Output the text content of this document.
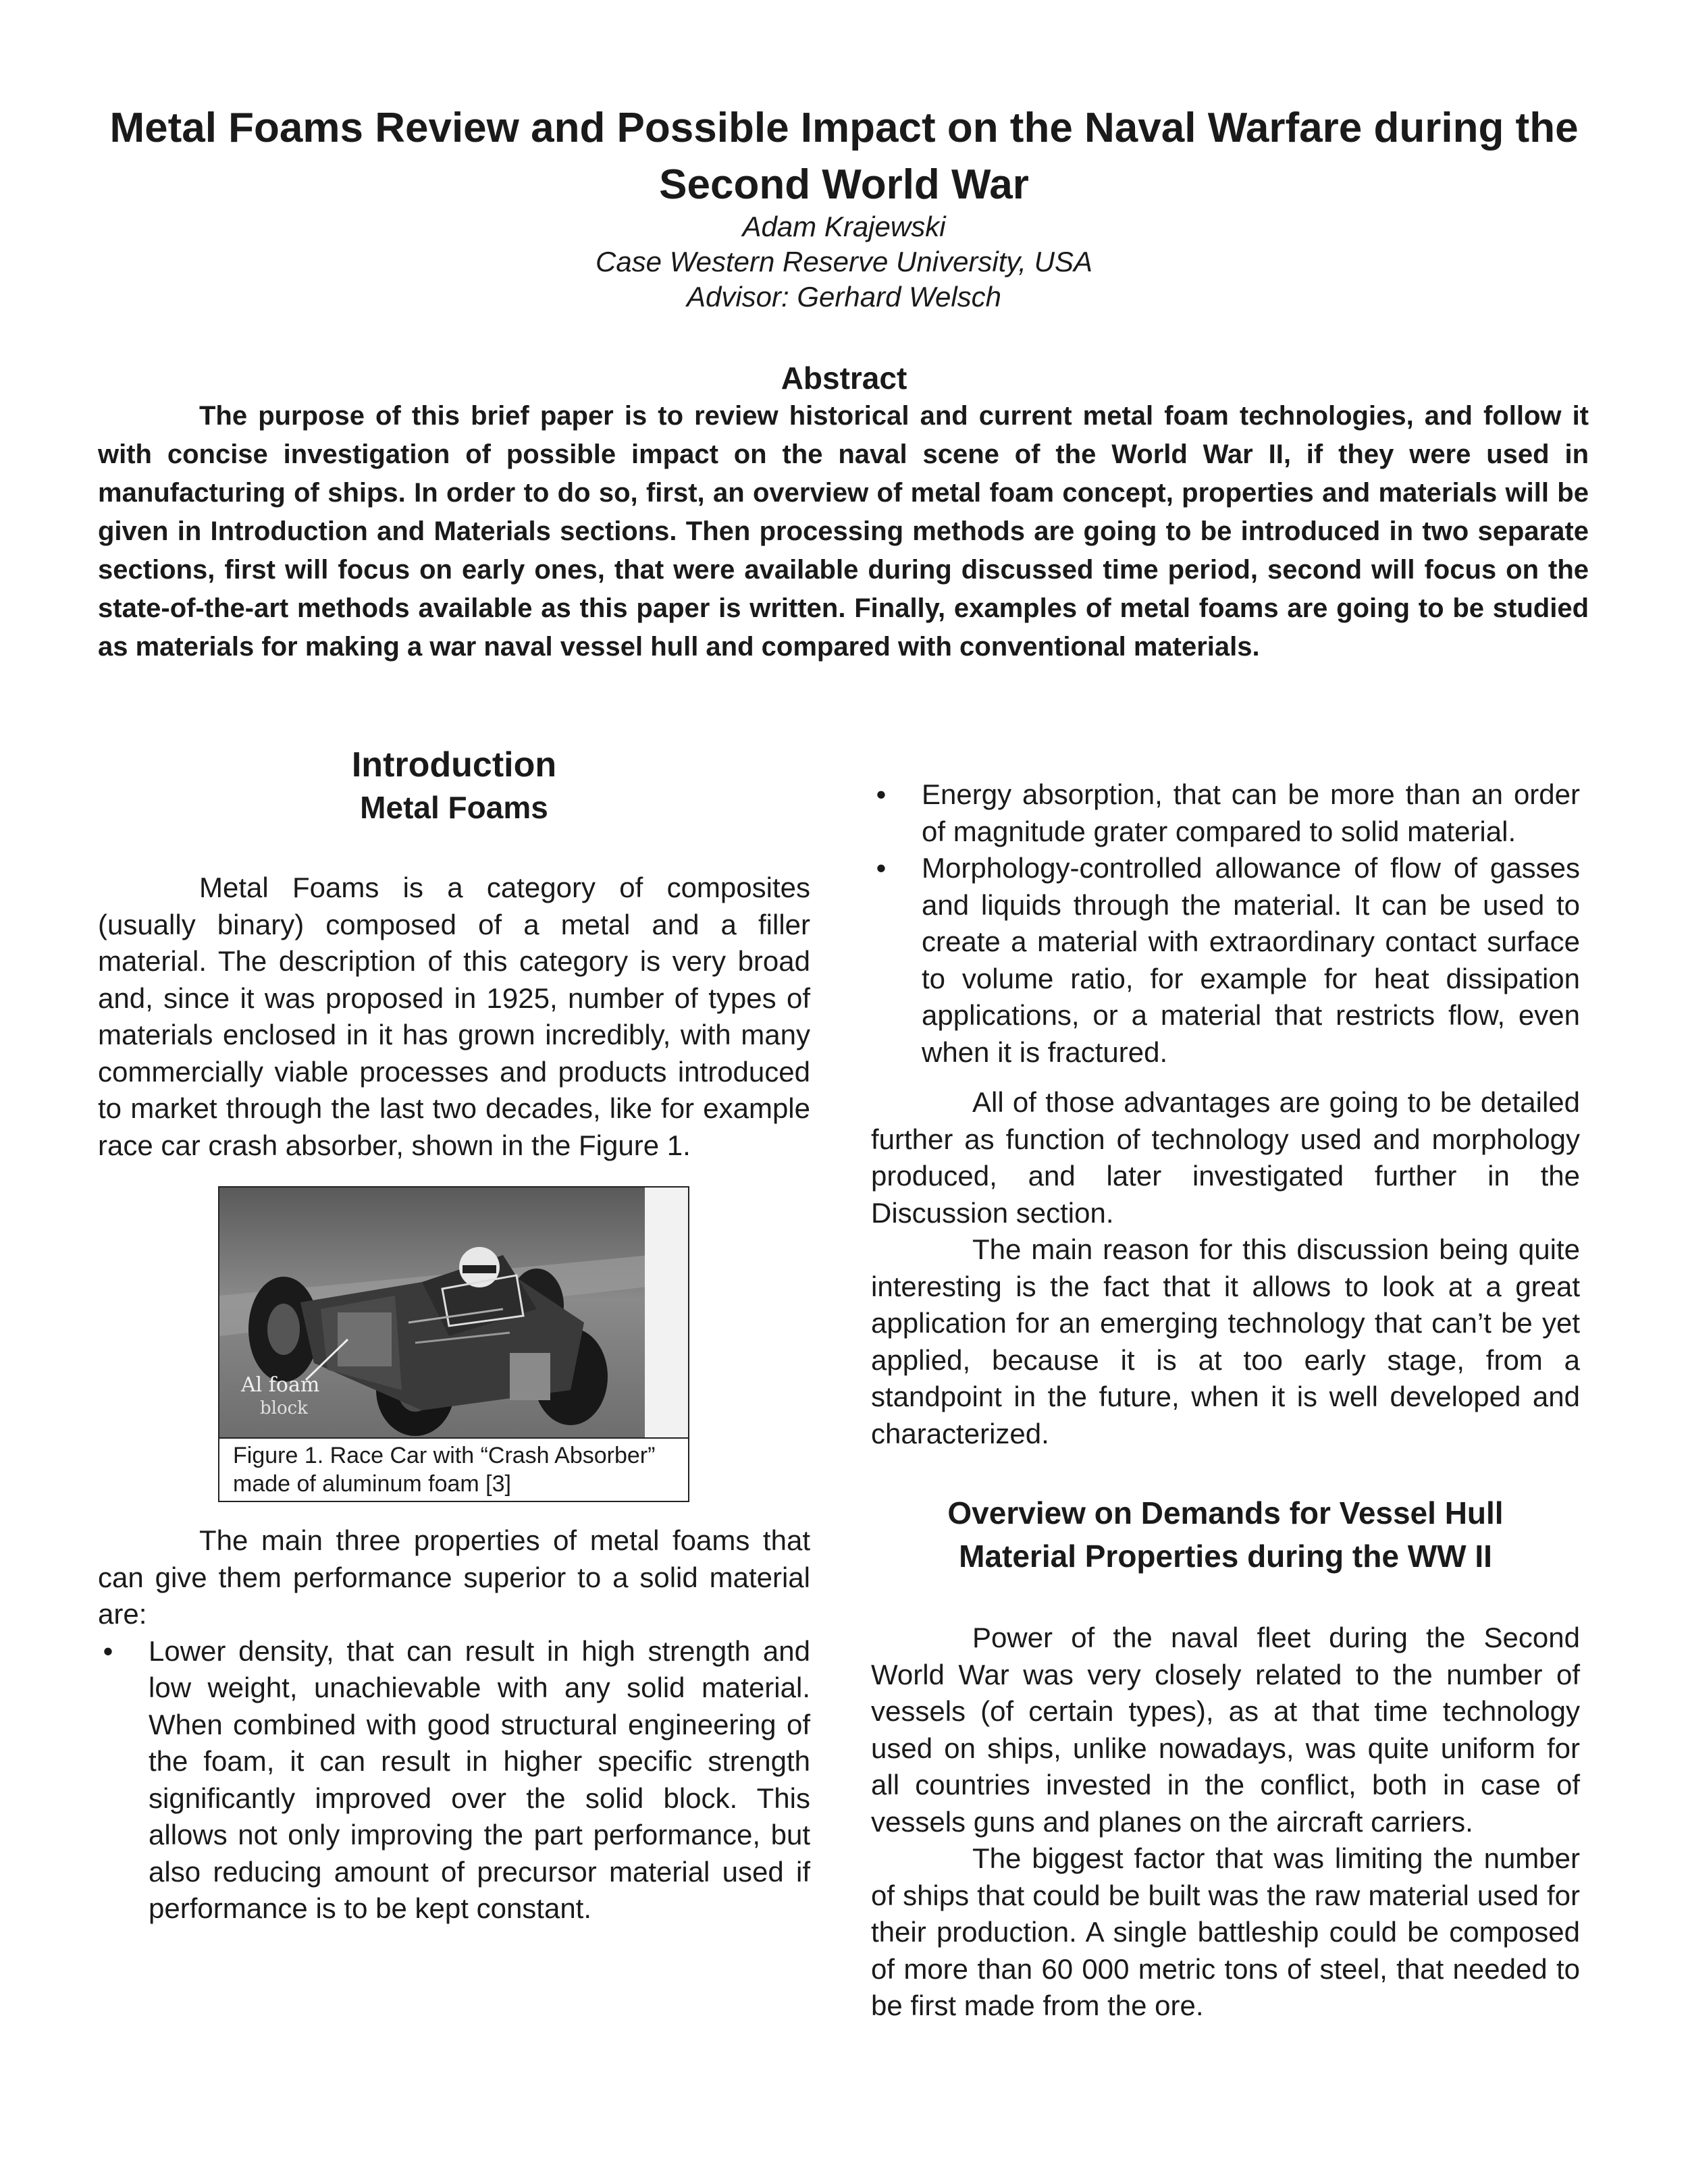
Metal Foams Review and Possible Impact on the Naval Warfare during the Second World War
Adam Krajewski
Case Western Reserve University, USA
Advisor: Gerhard Welsch
Abstract

The purpose of this brief paper is to review historical and current metal foam technologies, and follow it with concise investigation of possible impact on the naval scene of the World War II, if they were used in manufacturing of ships. In order to do so, first, an overview of metal foam concept, properties and materials will be given in Introduction and Materials sections. Then processing methods are going to be introduced in two separate sections, first will focus on early ones, that were available during discussed time period, second will focus on the state-of-the-art methods available as this paper is written. Finally, examples of metal foams are going to be studied as materials for making a war naval vessel hull and compared with conventional materials.

Introduction
Metal Foams

Metal Foams is a category of composites (usually binary) composed of a metal and a filler material. The description of this category is very broad and, since it was proposed in 1925, number of types of materials enclosed in it has grown incredibly, with many commercially viable processes and products introduced to market through the last two decades, like for example race car crash absorber, shown in the Figure 1.

Al foam
block
Figure 1. Race Car with “Crash Absorber” made of aluminum foam [3]

The main three properties of metal foams that can give them performance superior to a solid material are:

• Lower density, that can result in high strength and low weight, unachievable with any solid material. When combined with good structural engineering of the foam, it can result in higher specific strength significantly improved over the solid block. This allows not only improving the part performance, but also reducing amount of precursor material used if performance is to be kept constant.
• Energy absorption, that can be more than an order of magnitude grater compared to solid material.
• Morphology-controlled allowance of flow of gasses and liquids through the material. It can be used to create a material with extraordinary contact surface to volume ratio, for example for heat dissipation applications, or a material that restricts flow, even when it is fractured.

All of those advantages are going to be detailed further as function of technology used and morphology produced, and later investigated further in the Discussion section.

The main reason for this discussion being quite interesting is the fact that it allows to look at a great application for an emerging technology that can’t be yet applied, because it is at too early stage, from a standpoint in the future, when it is well developed and characterized.

Overview on Demands for Vessel Hull
Material Properties during the WW II

Power of the naval fleet during the Second World War was very closely related to the number of vessels (of certain types), as at that time technology used on ships, unlike nowadays, was quite uniform for all countries invested in the conflict, both in case of vessels guns and planes on the aircraft carriers.

The biggest factor that was limiting the number of ships that could be built was the raw material used for their production. A single battleship could be composed of more than 60 000 metric tons of steel, that needed to be first made from the ore.
